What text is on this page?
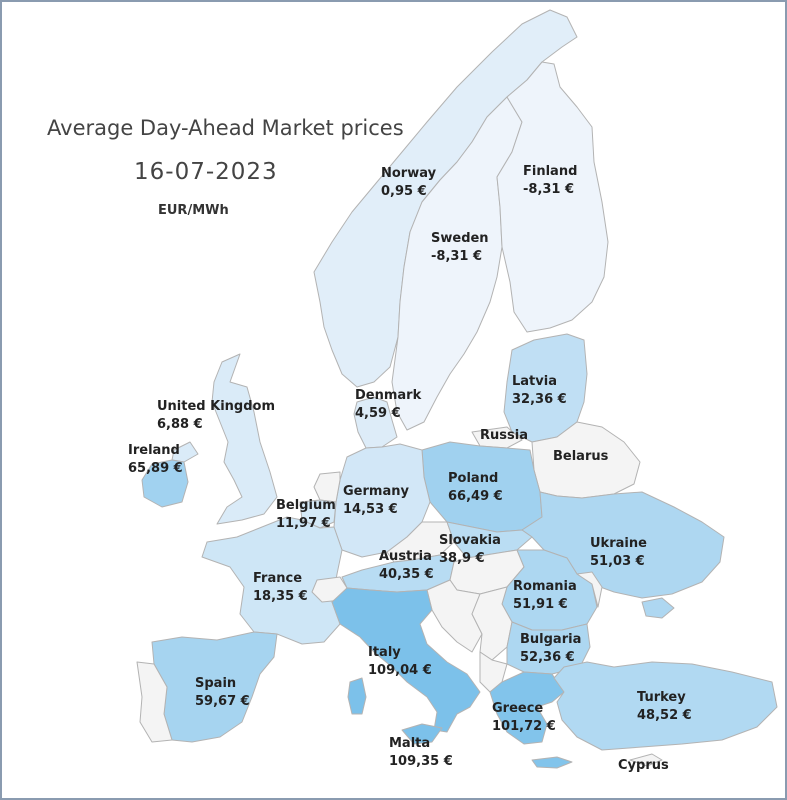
Average Day-Ahead Market prices
16-07-2023
EUR/MWh
Norway
0,95 €
Finland
-8,31 €
Sweden
-8,31 €
Denmark
4,59 €
Latvia
32,36 €
United Kingdom
6,88 €
Ireland
65,89 €
Russia
Belarus
Poland
66,49 €
Belgium
11,97 €
Germany
14,53 €
Slovakia
38,9 €
Ukraine
51,03 €
Austria
40,35 €
France
18,35 €
Romania
51,91 €
Bulgaria
52,36 €
Italy
109,04 €
Spain
59,67 €	Turkey
48,52 €
Greece
101,72 €
Malta
109,35 €	Cyprus
